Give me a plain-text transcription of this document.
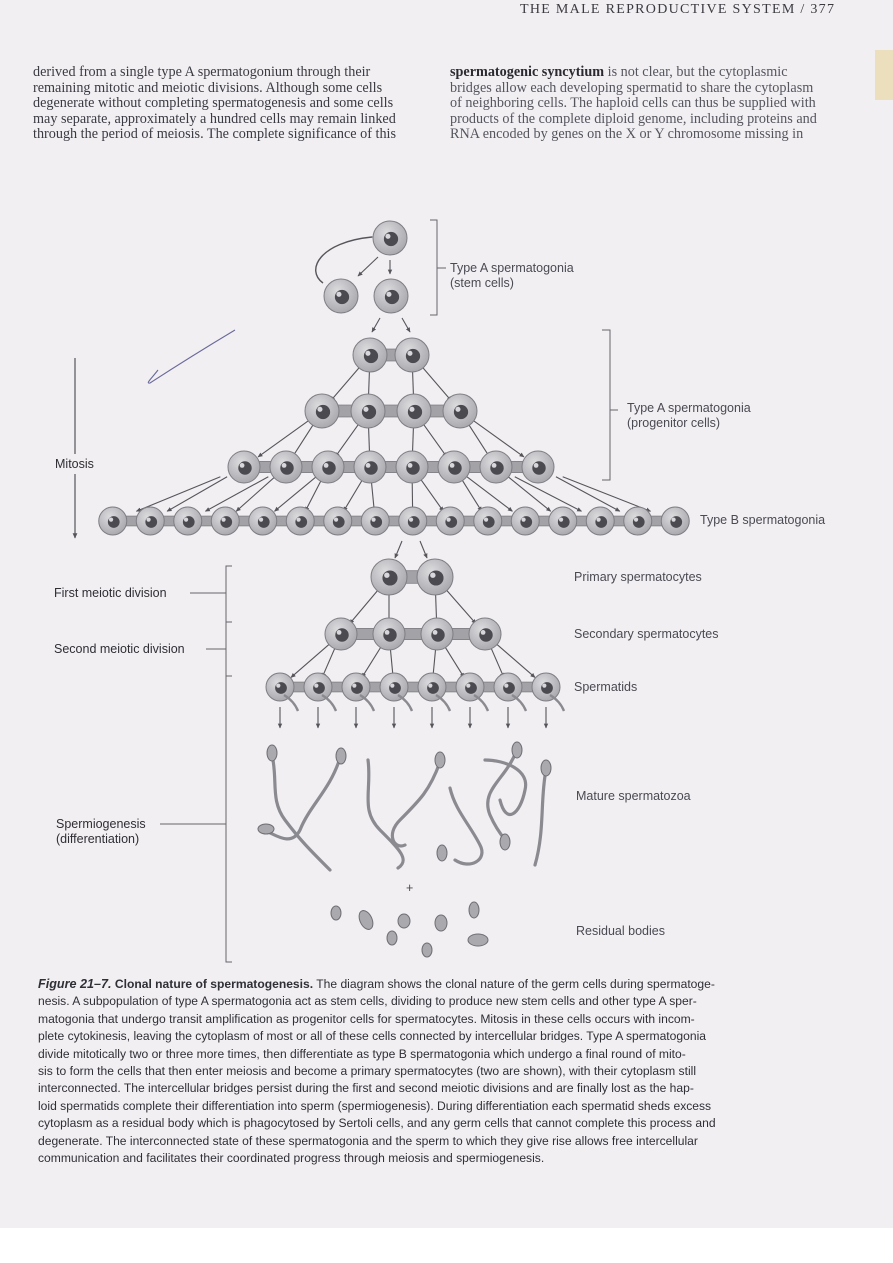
THE MALE REPRODUCTIVE SYSTEM / 377
derived from a single type A spermatogonium through their
remaining mitotic and meiotic divisions. Although some cells
degenerate without completing spermatogenesis and some cells
may separate, approximately a hundred cells may remain linked
through the period of meiosis. The complete significance of this
spermatogenic syncytium is not clear, but the cytoplasmic
bridges allow each developing spermatid to share the cytoplasm
of neighboring cells. The haploid cells can thus be supplied with
products of the complete diploid genome, including proteins and
RNA encoded by genes on the X or Y chromosome missing in
Type A spermatogonia
(stem cells)
Type A spermatogonia
(progenitor cells)
Type B spermatogonia
Mitosis
First meiotic division
Second meiotic division
Spermiogenesis
(differentiation)
Primary spermatocytes
Secondary spermatocytes
Spermatids
Mature spermatozoa
Residual bodies
+
Figure 21–7. Clonal nature of spermatogenesis. The diagram shows the clonal nature of the germ cells during spermatoge-
nesis. A subpopulation of type A spermatogonia act as stem cells, dividing to produce new stem cells and other type A sper-
matogonia that undergo transit amplification as progenitor cells for spermatocytes. Mitosis in these cells occurs with incom-
plete cytokinesis, leaving the cytoplasm of most or all of these cells connected by intercellular bridges. Type A spermatogonia
divide mitotically two or three more times, then differentiate as type B spermatogonia which undergo a final round of mito-
sis to form the cells that then enter meiosis and become a primary spermatocytes (two are shown), with their cytoplasm still
interconnected. The intercellular bridges persist during the first and second meiotic divisions and are finally lost as the hap-
loid spermatids complete their differentiation into sperm (spermiogenesis). During differentiation each spermatid sheds excess
cytoplasm as a residual body which is phagocytosed by Sertoli cells, and any germ cells that cannot complete this process and
degenerate. The interconnected state of these spermatogonia and the sperm to which they give rise allows free intercellular
communication and facilitates their coordinated progress through meiosis and spermiogenesis.
